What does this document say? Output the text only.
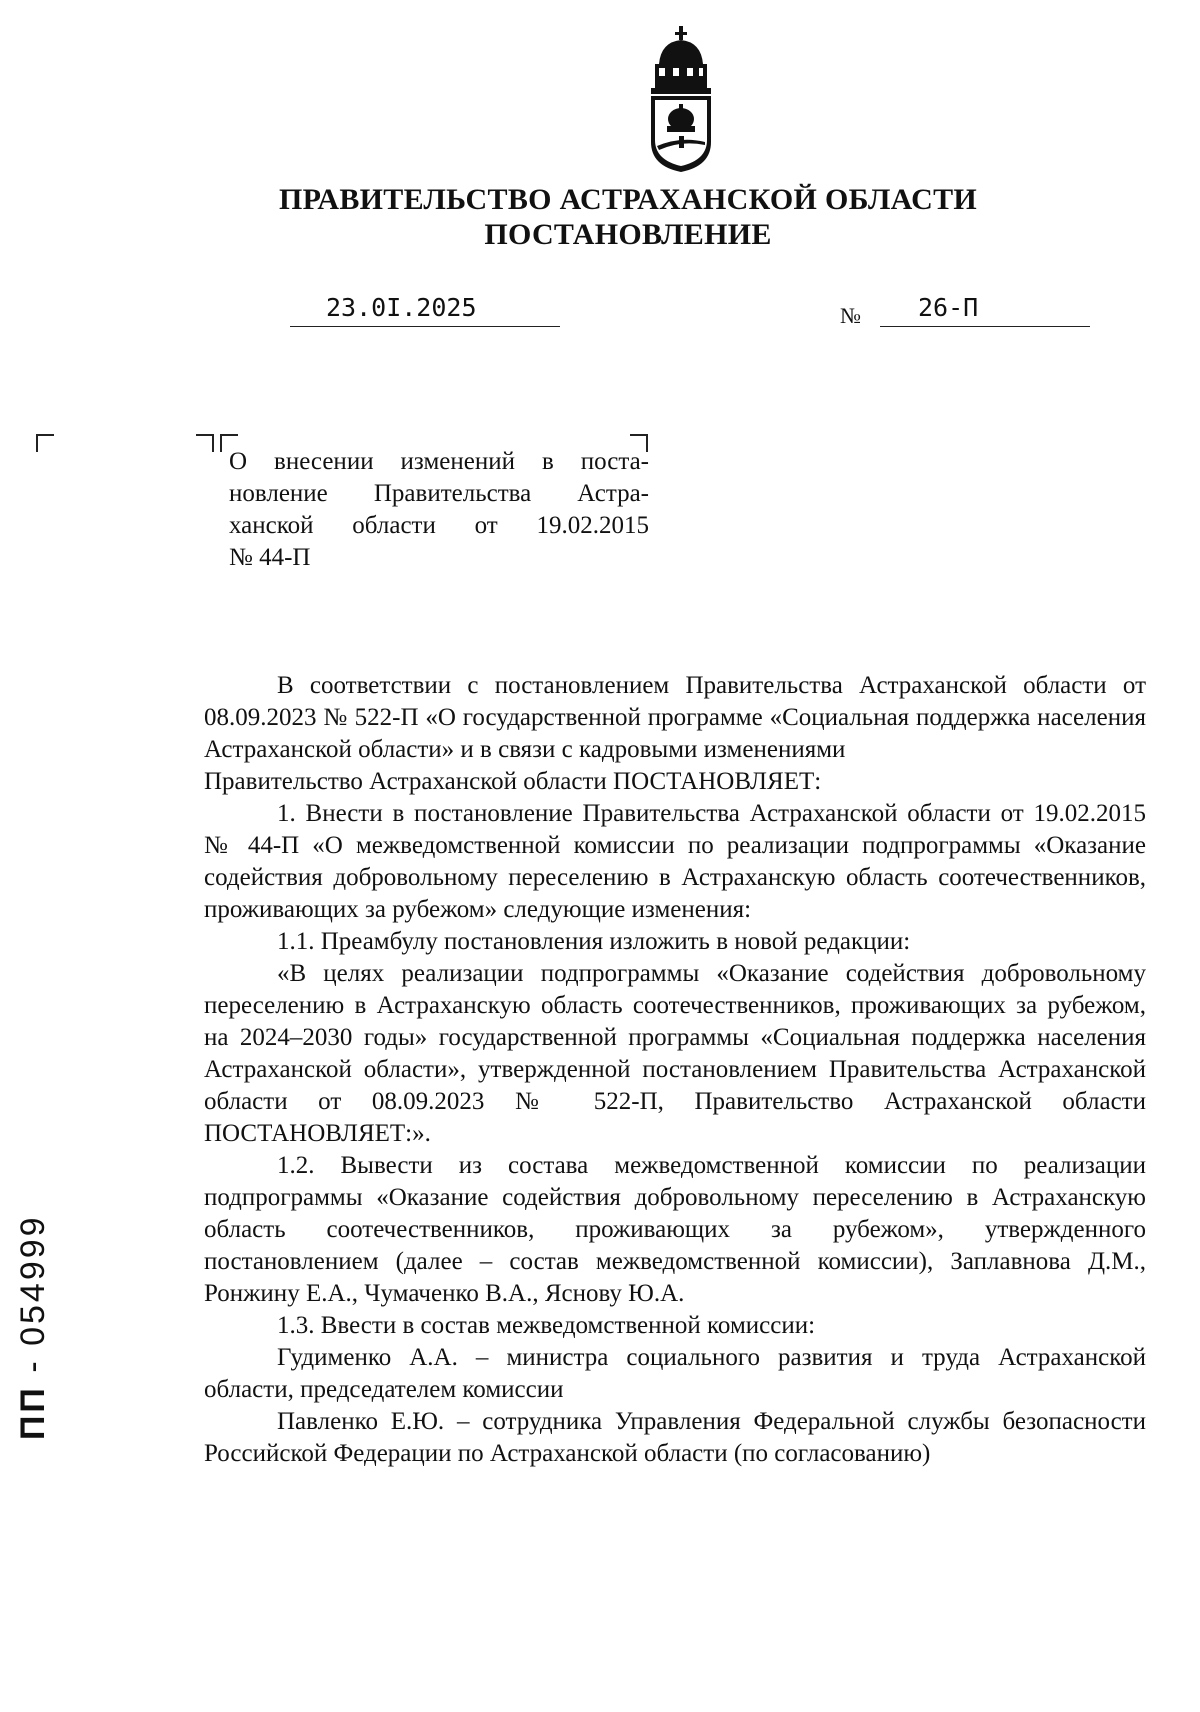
ПРАВИТЕЛЬСТВО АСТРАХАНСКОЙ ОБЛАСТИ
ПОСТАНОВЛЕНИЕ
23.0I.2025	№	26-П
О внесении изменений в поста-
новление Правительства Астра-
ханской области от 19.02.2015
№ 44-П

В соответствии с постановлением Правительства Астраханской области от 08.09.2023 № 522-П «О государственной программе «Социальная поддержка населения Астраханской области» и в связи с кадровыми изменениями

Правительство Астраханской области ПОСТАНОВЛЯЕТ:

1. Внести в постановление Правительства Астраханской области от 19.02.2015 № 44-П «О межведомственной комиссии по реализации подпрограммы «Оказание содействия добровольному переселению в Астраханскую область соотечественников, проживающих за рубежом» следующие изменения:

1.1. Преамбулу постановления изложить в новой редакции:

«В целях реализации подпрограммы «Оказание содействия добровольному переселению в Астраханскую область соотечественников, проживающих за рубежом, на 2024–2030 годы» государственной программы «Социальная поддержка населения Астраханской области», утвержденной постановлением Правительства Астраханской области от 08.09.2023 № 522-П, Правительство Астраханской области ПОСТАНОВЛЯЕТ:».

1.2. Вывести из состава межведомственной комиссии по реализации подпрограммы «Оказание содействия добровольному переселению в Астраханскую область соотечественников, проживающих за рубежом», утвержденного постановлением (далее – состав межведомственной комиссии), Заплавнова Д.М., Ронжину Е.А., Чумаченко В.А., Яснову Ю.А.

1.3. Ввести в состав межведомственной комиссии:

Гудименко А.А. – министра социального развития и труда Астраханской области, председателем комиссии

Павленко Е.Ю. – сотрудника Управления Федеральной службы безопасности Российской Федерации по Астраханской области (по согласованию)

ПП - 054999
